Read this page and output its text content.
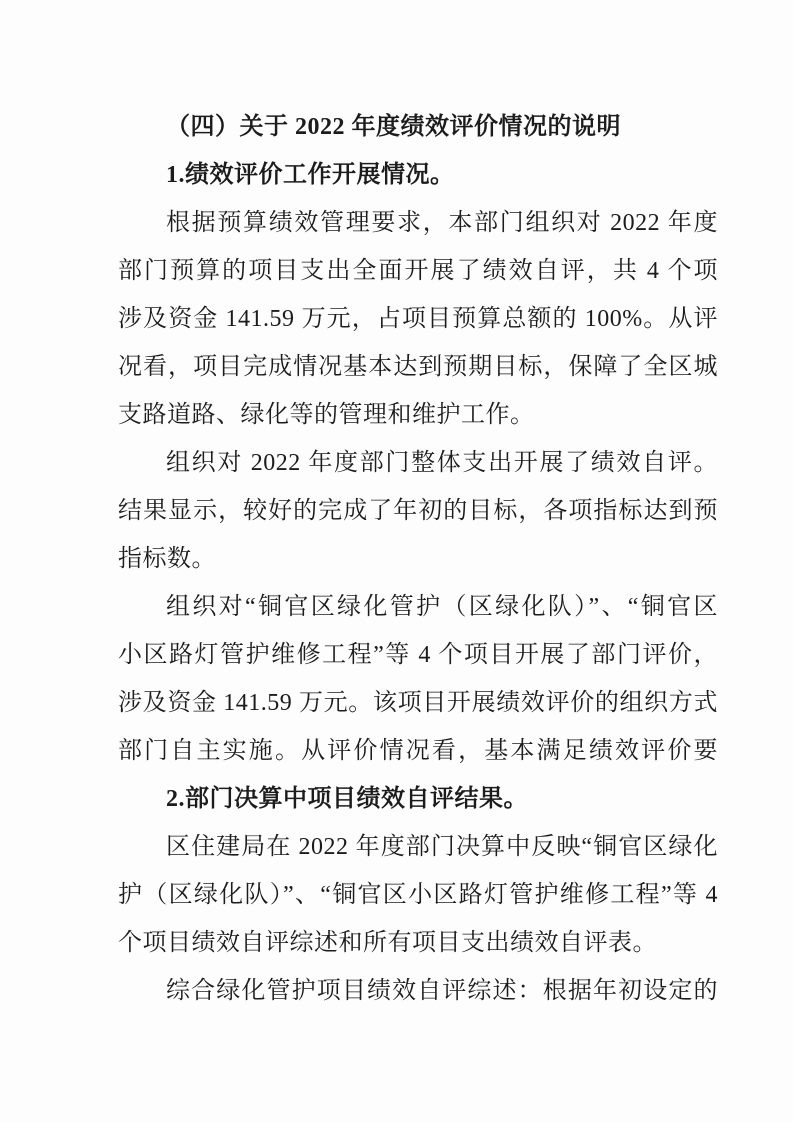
（四）关于 2022 年度绩效评价情况的说明
1.绩效评价工作开展情况。
根据预算绩效管理要求，本部门组织对 2022 年度
部门预算的项目支出全面开展了绩效自评，共 4 个项
涉及资金 141.59 万元，占项目预算总额的 100%。从评
况看，项目完成情况基本达到预期目标，保障了全区城
支路道路、绿化等的管理和维护工作。
组织对 2022 年度部门整体支出开展了绩效自评。
结果显示，较好的完成了年初的目标，各项指标达到预
指标数。
组织对“铜官区绿化管护（区绿化队）”、“铜官区
小区路灯管护维修工程”等 4 个项目开展了部门评价，
涉及资金 141.59 万元。该项目开展绩效评价的组织方式
部门自主实施。从评价情况看，基本满足绩效评价要
2.部门决算中项目绩效自评结果。
区住建局在 2022 年度部门决算中反映“铜官区绿化
护（区绿化队）”、“铜官区小区路灯管护维修工程”等 4
个项目绩效自评综述和所有项目支出绩效自评表。
综合绿化管护项目绩效自评综述：根据年初设定的
